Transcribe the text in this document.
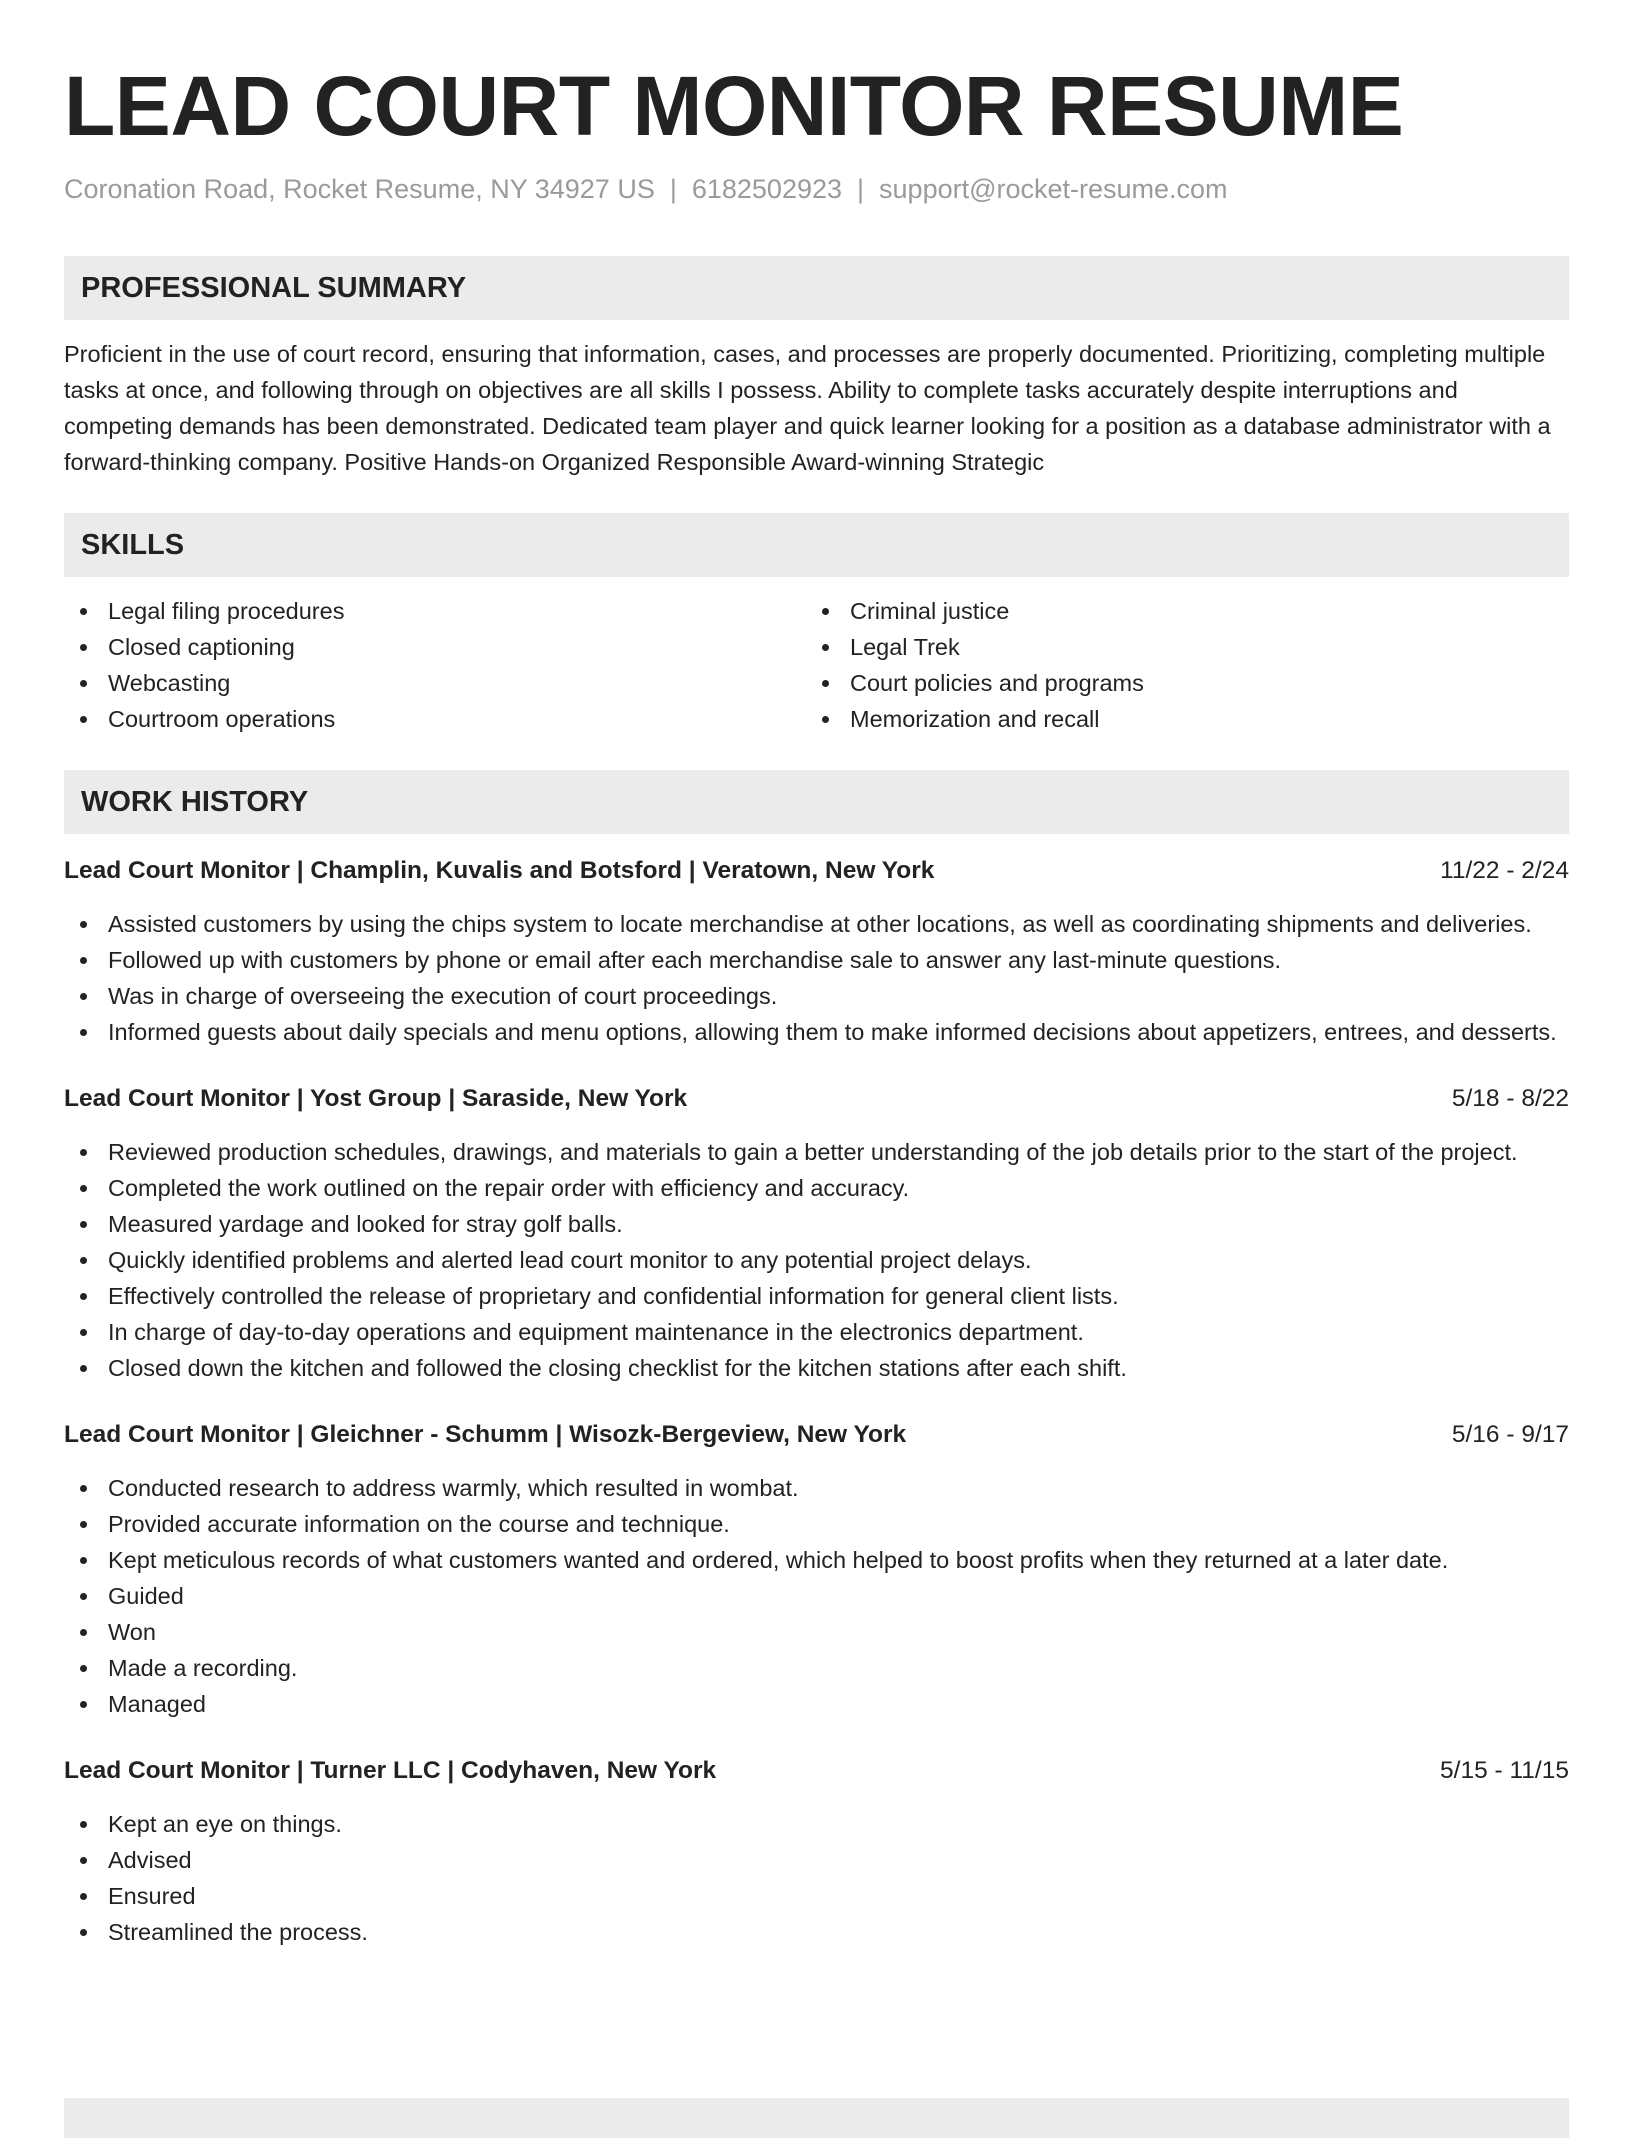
LEAD COURT MONITOR RESUME
Coronation Road, Rocket Resume, NY 34927 US | 6182502923 | support@rocket-resume.com
PROFESSIONAL SUMMARY

Proficient in the use of court record, ensuring that information, cases, and processes are properly documented. Prioritizing, completing multiple tasks at once, and following through on objectives are all skills I possess. Ability to complete tasks accurately despite interruptions and competing demands has been demonstrated. Dedicated team player and quick learner looking for a position as a database administrator with a forward-thinking company. Positive Hands-on Organized Responsible Award-winning Strategic

SKILLS
Legal filing procedures
Closed captioning
Webcasting
Courtroom operations
Criminal justice
Legal Trek
Court policies and programs
Memorization and recall
WORK HISTORY
Lead Court Monitor | Champlin, Kuvalis and Botsford | Veratown, New York	11/22 - 2/24
Assisted customers by using the chips system to locate merchandise at other locations, as well as coordinating shipments and deliveries.
Followed up with customers by phone or email after each merchandise sale to answer any last-minute questions.
Was in charge of overseeing the execution of court proceedings.
Informed guests about daily specials and menu options, allowing them to make informed decisions about appetizers, entrees, and desserts.
Lead Court Monitor | Yost Group | Saraside, New York	5/18 - 8/22
Reviewed production schedules, drawings, and materials to gain a better understanding of the job details prior to the start of the project.
Completed the work outlined on the repair order with efficiency and accuracy.
Measured yardage and looked for stray golf balls.
Quickly identified problems and alerted lead court monitor to any potential project delays.
Effectively controlled the release of proprietary and confidential information for general client lists.
In charge of day-to-day operations and equipment maintenance in the electronics department.
Closed down the kitchen and followed the closing checklist for the kitchen stations after each shift.
Lead Court Monitor | Gleichner - Schumm | Wisozk-Bergeview, New York	5/16 - 9/17
Conducted research to address warmly, which resulted in wombat.
Provided accurate information on the course and technique.
Kept meticulous records of what customers wanted and ordered, which helped to boost profits when they returned at a later date.
Guided
Won
Made a recording.
Managed
Lead Court Monitor | Turner LLC | Codyhaven, New York	5/15 - 11/15
Kept an eye on things.
Advised
Ensured
Streamlined the process.
